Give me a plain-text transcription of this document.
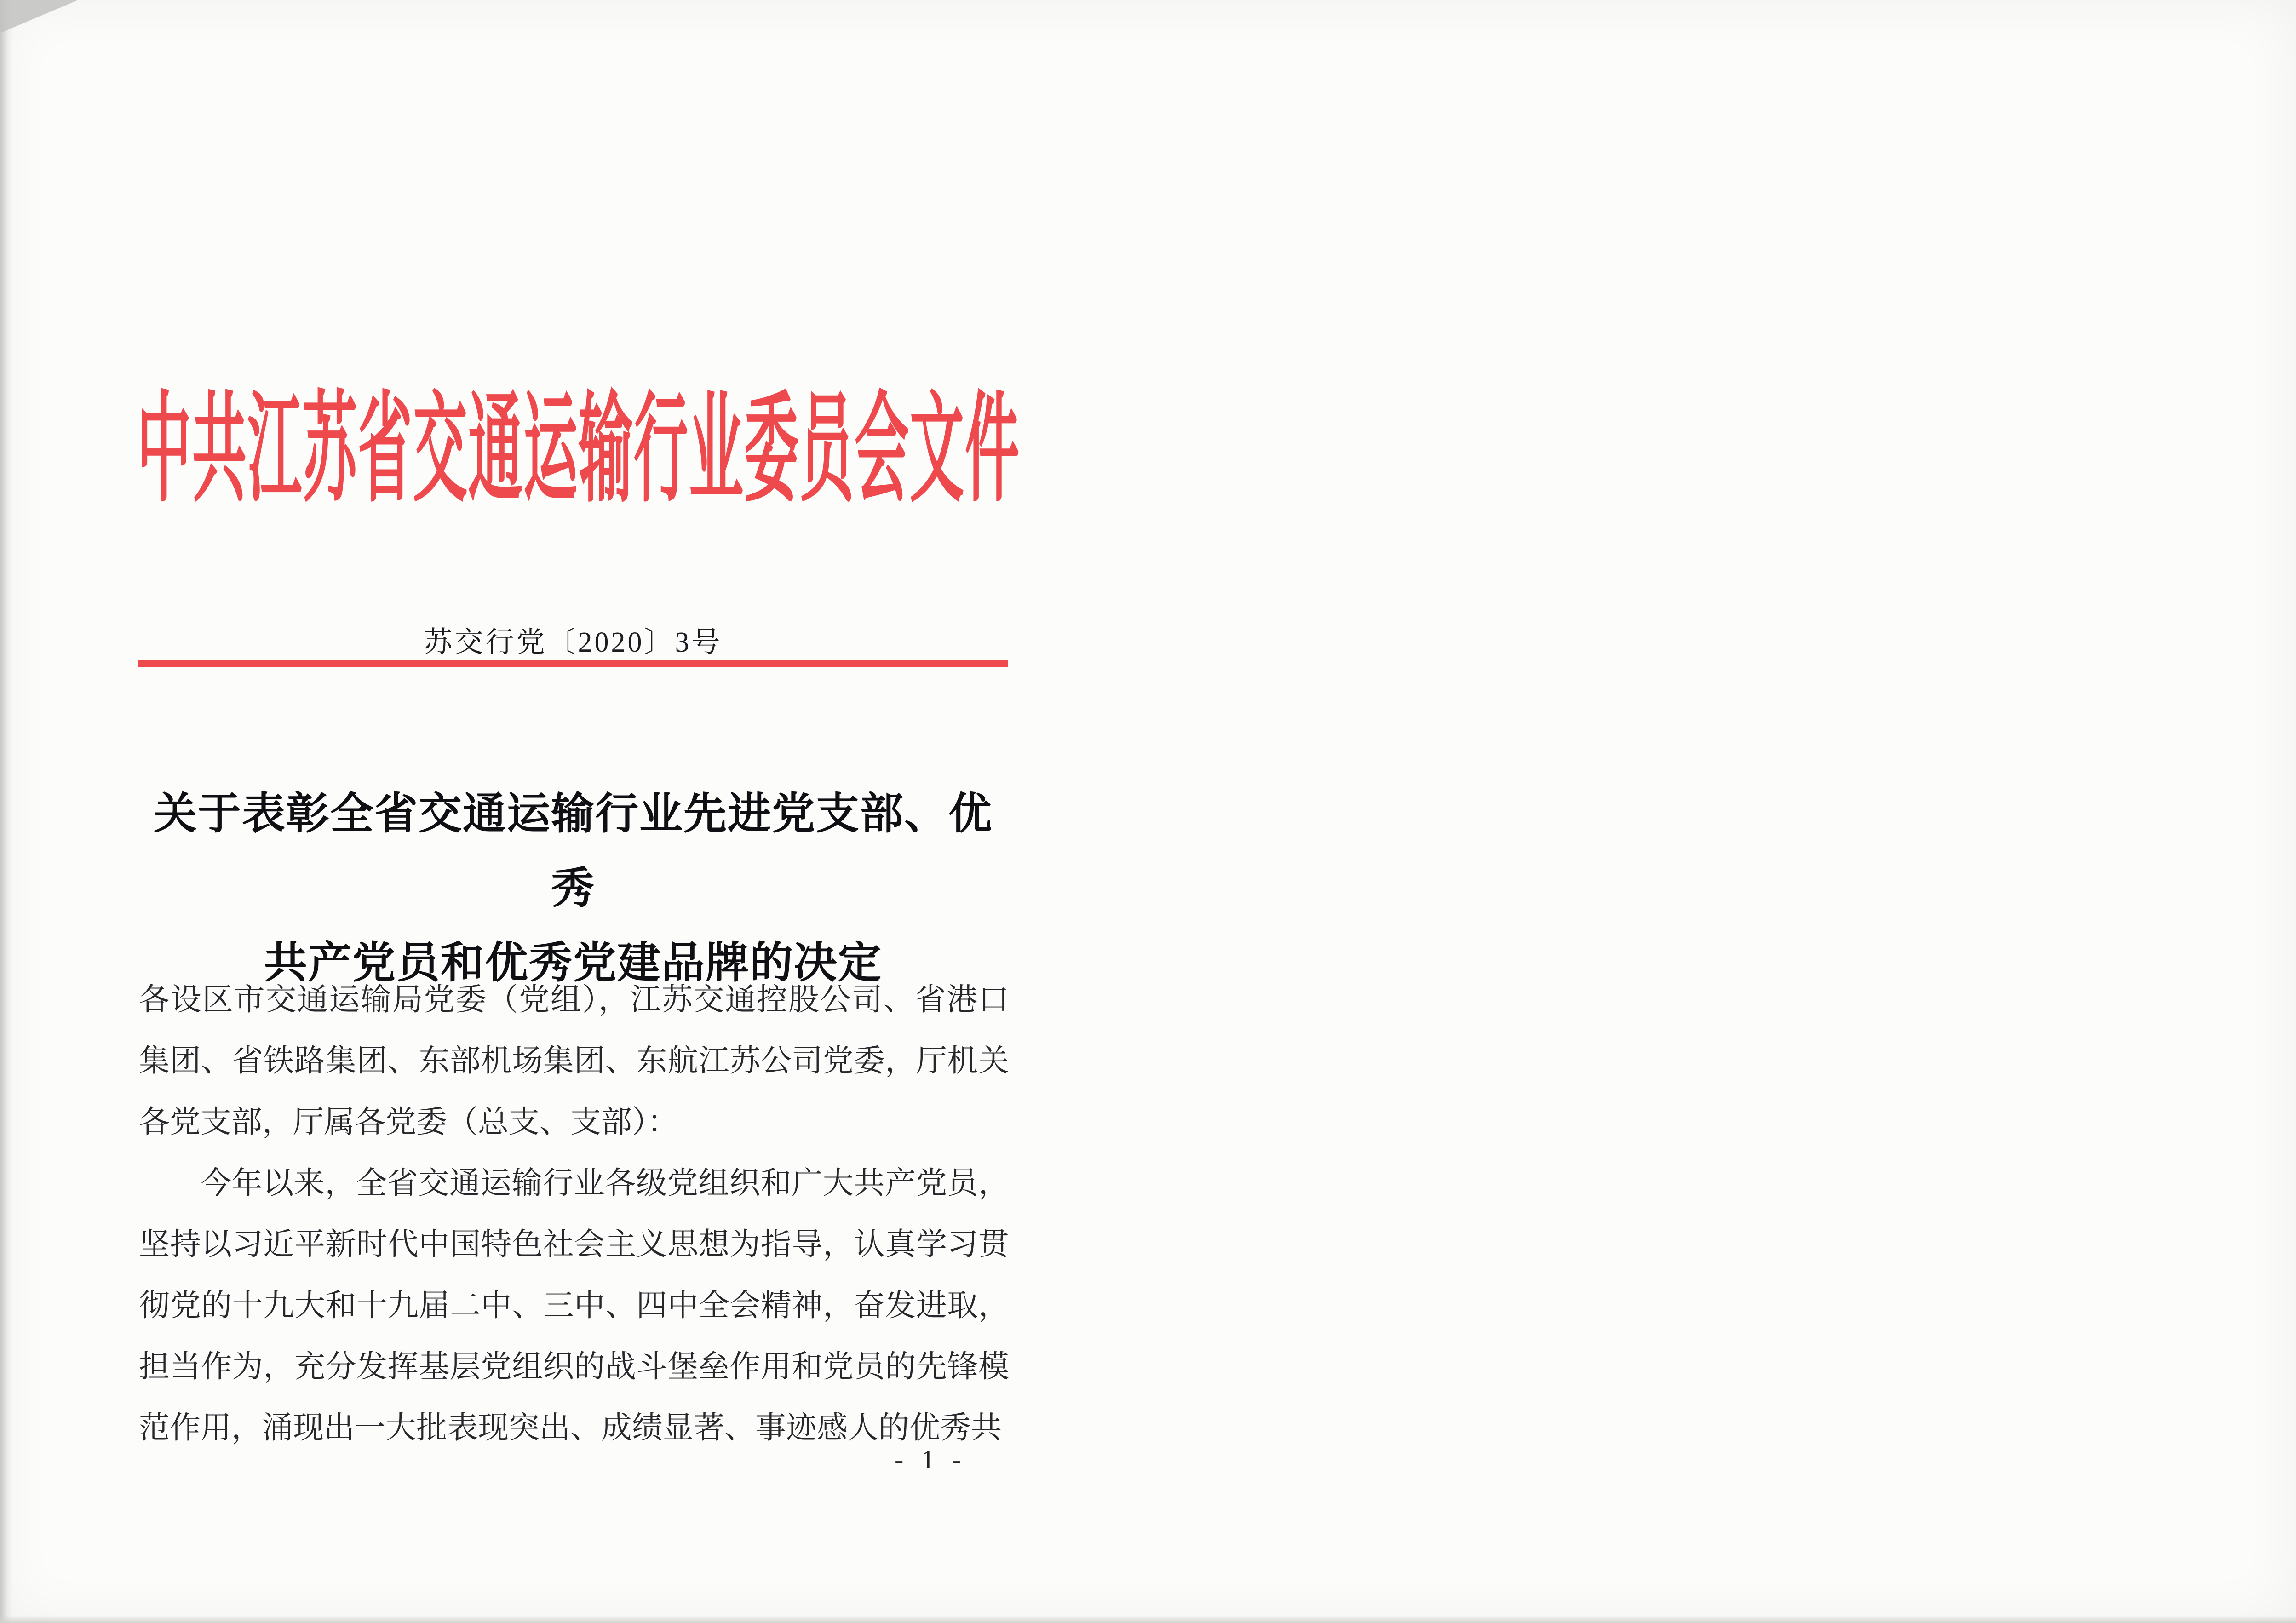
中共江苏省交通运输行业委员会文件
苏交行党〔2020〕3号
关于表彰全省交通运输行业先进党支部、优秀
共产党员和优秀党建品牌的决定

各设区市交通运输局党委（党组），江苏交通控股公司、省港口集团、省铁路集团、东部机场集团、东航江苏公司党委，厅机关各党支部，厅属各党委（总支、支部）：

今年以来，全省交通运输行业各级党组织和广大共产党员，坚持以习近平新时代中国特色社会主义思想为指导，认真学习贯彻党的十九大和十九届二中、三中、四中全会精神，奋发进取，担当作为，充分发挥基层党组织的战斗堡垒作用和党员的先锋模范作用，涌现出一大批表现突出、成绩显著、事迹感人的优秀共

- 1 -
